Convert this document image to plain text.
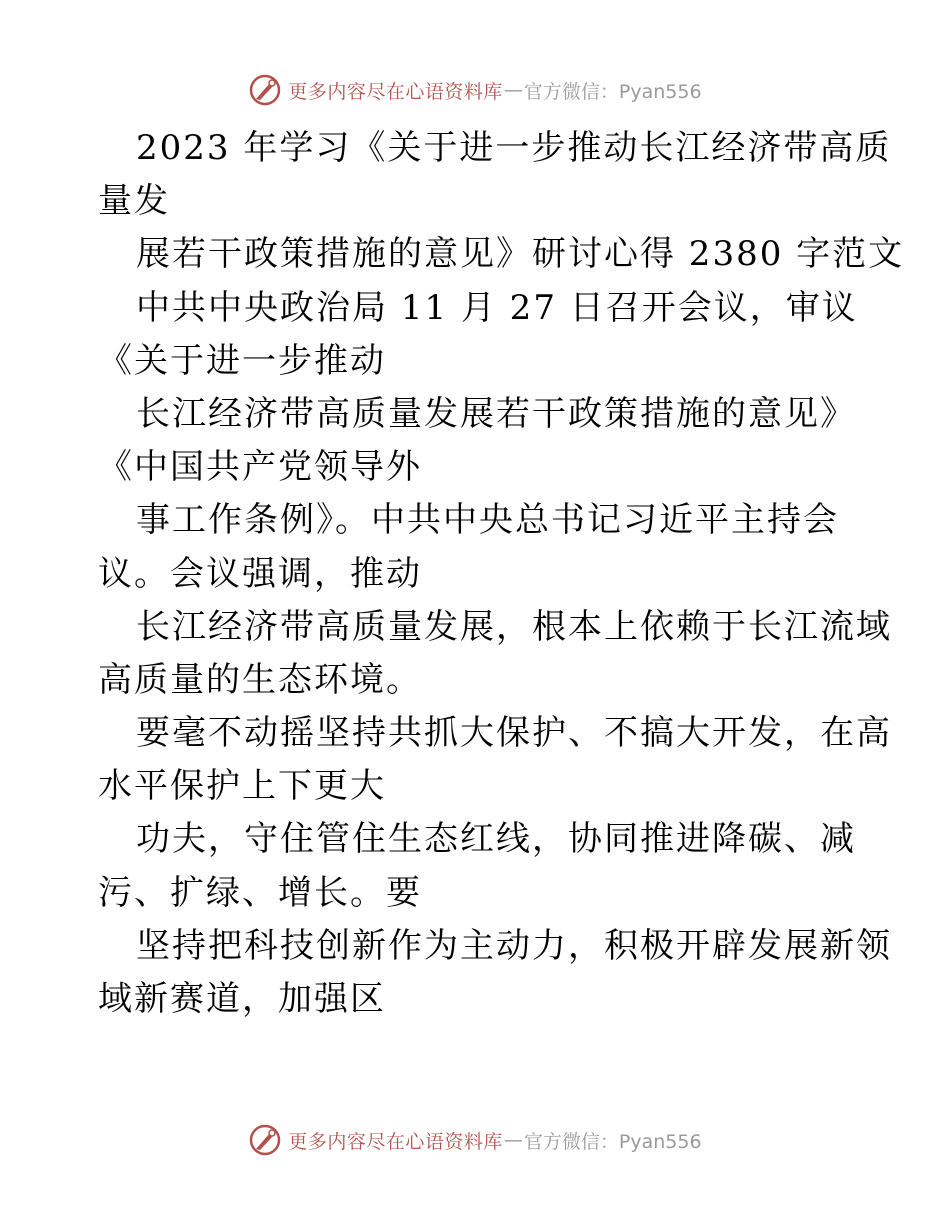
更多内容尽在心语资料库 — 官方微信：Pyan556
2023 年学习《关于进一步推动长江经济带高质
量发
展若干政策措施的意见》研讨心得 2380 字范文
中共中央政治局 11 月 27 日召开会议，审议
《关于进一步推动
长江经济带高质量发展若干政策措施的意见》
《中国共产党领导外
事工作条例》。中共中央总书记习近平主持会
议。会议强调，推动
长江经济带高质量发展，根本上依赖于长江流域
高质量的生态环境。
要毫不动摇坚持共抓大保护、不搞大开发，在高
水平保护上下更大
功夫，守住管住生态红线，协同推进降碳、减
污、扩绿、增长。要
坚持把科技创新作为主动力，积极开辟发展新领
域新赛道，加强区
更多内容尽在心语资料库 — 官方微信：Pyan556
